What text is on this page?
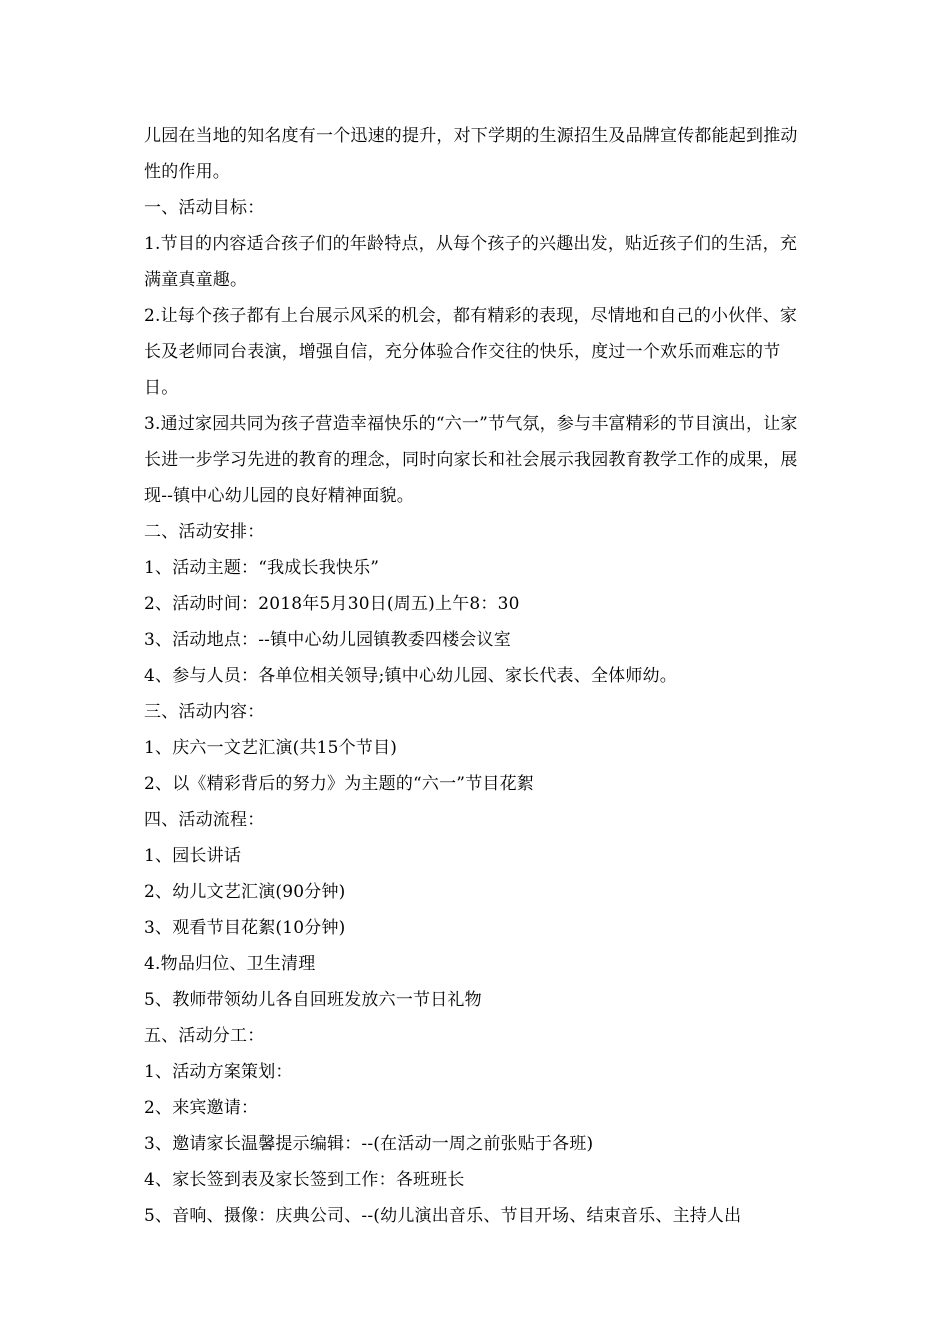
儿园在当地的知名度有一个迅速的提升，对下学期的生源招生及品牌宣传都能起到推动性的作用。

一、活动目标：

1.节目的内容适合孩子们的年龄特点，从每个孩子的兴趣出发，贴近孩子们的生活，充满童真童趣。

2.让每个孩子都有上台展示风采的机会，都有精彩的表现，尽情地和自己的小伙伴、家长及老师同台表演，增强自信，充分体验合作交往的快乐，度过一个欢乐而难忘的节日。

3.通过家园共同为孩子营造幸福快乐的“六一”节气氛，参与丰富精彩的节目演出，让家长进一步学习先进的教育的理念，同时向家长和社会展示我园教育教学工作的成果，展现--镇中心幼儿园的良好精神面貌。

二、活动安排：

1、活动主题：“我成长我快乐”

2、活动时间：2018年5月30日(周五)上午8：30

3、活动地点：--镇中心幼儿园镇教委四楼会议室

4、参与人员：各单位相关领导;镇中心幼儿园、家长代表、全体师幼。

三、活动内容：

1、庆六一文艺汇演(共15个节目)

2、以《精彩背后的努力》为主题的“六一”节目花絮

四、活动流程：

1、园长讲话

2、幼儿文艺汇演(90分钟)

3、观看节目花絮(10分钟)

4.物品归位、卫生清理

5、教师带领幼儿各自回班发放六一节日礼物

五、活动分工：

1、活动方案策划：

2、来宾邀请：

3、邀请家长温馨提示编辑：--(在活动一周之前张贴于各班)

4、家长签到表及家长签到工作：各班班长

5、音响、摄像：庆典公司、--(幼儿演出音乐、节目开场、结束音乐、主持人出
